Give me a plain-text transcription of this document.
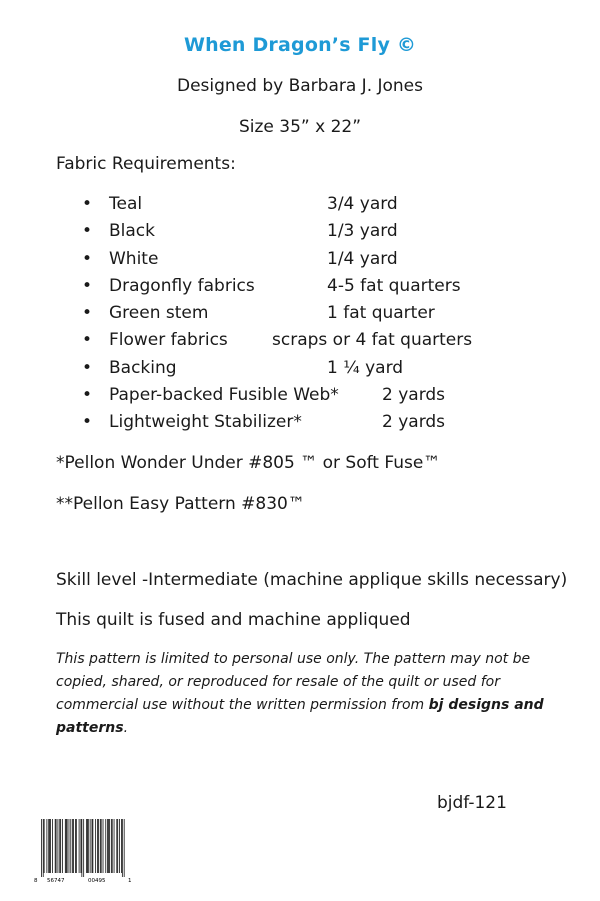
When Dragon’s Fly ©
Designed by Barbara J. Jones
Size 35” x 22”
Fabric Requirements:
• Teal	3/4 yard
• Black	1/3 yard
• White	1/4 yard
• Dragonfly fabrics	4-5 fat quarters
• Green stem	1 fat quarter
• Flower fabrics	scraps or 4 fat quarters
• Backing	1 ¼ yard
• Paper-backed Fusible Web*	2 yards
• Lightweight Stabilizer*	2 yards
*Pellon Wonder Under #805 ™ or Soft Fuse™
**Pellon Easy Pattern #830™
Skill level -Intermediate (machine applique skills necessary)
This quilt is fused and machine appliqued
This pattern is limited to personal use only. The pattern may not be copied, shared, or reproduced for resale of the quilt or used for commercial use without the written permission from bj designs and patterns.
bjdf-121
8 56747	00495	1
